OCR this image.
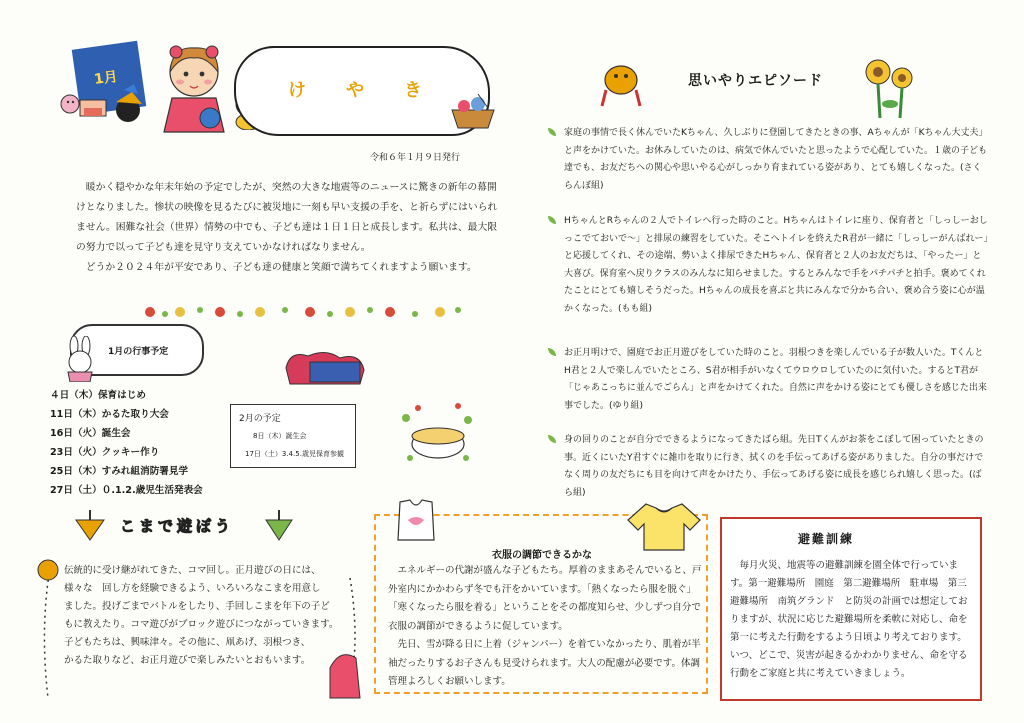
1月
けやき
令和６年１月９日発行

暖かく穏やかな年末年始の予定でしたが、突然の大きな地震等のニュースに驚きの新年の幕開けとなりました。惨状の映像を見るたびに被災地に一刻も早い支援の手を、と祈らずにはいられません。困難な社会（世界）情勢の中でも、子ども達は１日１日と成長します。私共は、最大限の努力で以って子ども達を見守り支えていかなければなりません。

どうか２０２４年が平安であり、子ども達の健康と笑顔で満ちてくれますよう願います。

1月の行事予定
４日（木）保育はじめ
11日（木）かるた取り大会
16日（火）誕生会
23日（火）クッキー作り
25日（木）すみれ組消防署見学
27日（土）０.1.2.歳児生活発表会
2月の予定
8日（木）誕生会
17日（土）3.4.5.歳児保育参観
こまで遊ぼう

伝統的に受け継がれてきた、コマ回し。正月遊びの日には、

様々な　回し方を経験できるよう、いろいろなこまを用意し

ました。投げごまでバトルをしたり、手回しこまを年下の子ど

もに教えたり。コマ遊びがブロック遊びにつながっていきます。

子どもたちは、興味津々。その他に、凧あげ、羽根つき、

かるた取りなど、お正月遊びで楽しみたいとおもいます。

衣服の調節できるかな

エネルギーの代謝が盛んな子どもたち。厚着のままあそんでいると、戸外室内にかかわらず冬でも汗をかいています。「熱くなったら服を脱ぐ」「寒くなったら服を着る」ということをその都度知らせ、少しずつ自分で衣服の調節ができるように促しています。

先日、雪が降る日に上着（ジャンパー）を着ていなかったり、肌着が半袖だったりするお子さんも見受けられます。大人の配慮が必要です。体調管理よろしくお願いします。

思いやりエピソード
家庭の事情で長く休んでいたKちゃん、久しぶりに登園してきたときの事、Aちゃんが「Kちゃん大丈夫」と声をかけていた。お休みしていたのは、病気で休んでいたと思ったようで心配していた。１歳の子ども達でも、お友だちへの関心や思いやる心がしっかり育まれている姿があり、とても嬉しくなった。(さくらんぼ組)
HちゃんとRちゃんの２人でトイレへ行った時のこと。Hちゃんはトイレに座り、保育者と「しっしーおしっこでておいで～」と排尿の練習をしていた。そこへトイレを終えたR君が一緒に「しっしーがんばれー」と応援してくれ、その途端、勢いよく排尿できたHちゃん、保育者と２人のお友だちは、「やったー」と大喜び。保育室へ戻りクラスのみんなに知らせました。するとみんなで手をパチパチと拍手。褒めてくれたことにとても嬉しそうだった。Hちゃんの成長を喜ぶと共にみんなで分かち合い、褒め合う姿に心が温かくなった。(もも組)
お正月明けで、園庭でお正月遊びをしていた時のこと。羽根つきを楽しんでいる子が数人いた。TくんとH君と２人で楽しんでいたところ、S君が相手がいなくてウロウロしていたのに気付いた。するとT君が「じゃあこっちに並んでごらん」と声をかけてくれた。自然に声をかける姿にとても優しさを感じた出来事でした。(ゆり組)
身の回りのことが自分でできるようになってきたばら組。先日Tくんがお茶をこぼして困っていたときの事。近くにいたY君すぐに雑巾を取りに行き、拭くのを手伝ってあげる姿がありました。自分の事だけでなく周りの友だちにも目を向けて声をかけたり、手伝ってあげる姿に成長を感じられ嬉しく思った。(ばら組)
避難訓練

毎月火災、地震等の避難訓練を園全体で行っています。第一避難場所　園庭　第二避難場所　駐車場　第三避難場所　南筑グランド　と防災の計画では想定しておりますが、状況に応じた避難場所を柔軟に対応し、命を第一に考えた行動をするよう日頃より考えております。いつ、どこで、災害が起きるかわかりません、命を守る行動をご家庭と共に考えていきましょう。
